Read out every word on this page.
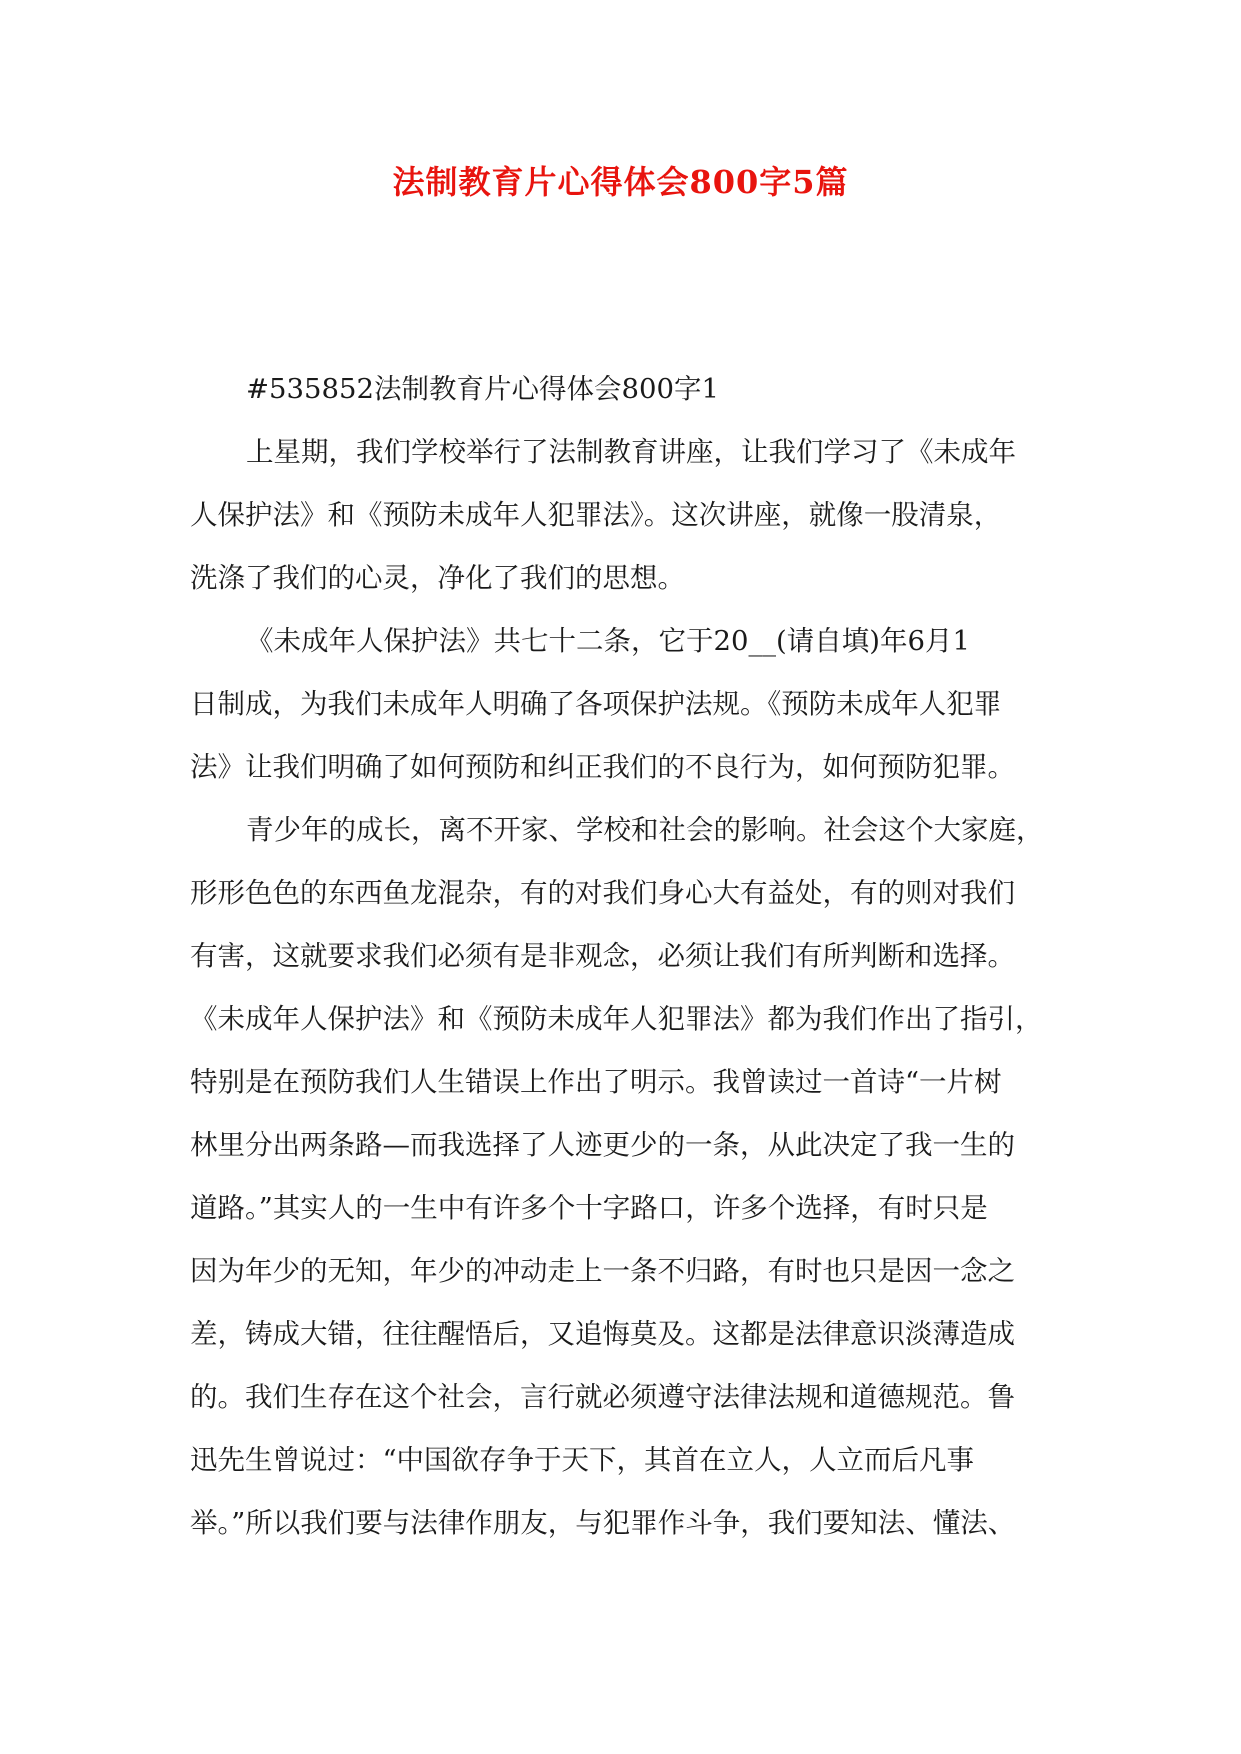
法制教育片心得体会800字5篇
#535852法制教育片心得体会800字1
上星期，我们学校举行了法制教育讲座，让我们学习了《未成年
人保护法》和《预防未成年人犯罪法》。这次讲座，就像一股清泉，
洗涤了我们的心灵，净化了我们的思想。
《未成年人保护法》共七十二条，它于20__(请自填)年6月1
日制成，为我们未成年人明确了各项保护法规。《预防未成年人犯罪
法》让我们明确了如何预防和纠正我们的不良行为，如何预防犯罪。
青少年的成长，离不开家、学校和社会的影响。社会这个大家庭，
形形色色的东西鱼龙混杂，有的对我们身心大有益处，有的则对我们
有害，这就要求我们必须有是非观念，必须让我们有所判断和选择。
《未成年人保护法》和《预防未成年人犯罪法》都为我们作出了指引，
特别是在预防我们人生错误上作出了明示。我曾读过一首诗“一片树
林里分出两条路—而我选择了人迹更少的一条，从此决定了我一生的
道路。”其实人的一生中有许多个十字路口，许多个选择，有时只是
因为年少的无知，年少的冲动走上一条不归路，有时也只是因一念之
差，铸成大错，往往醒悟后，又追悔莫及。这都是法律意识淡薄造成
的。我们生存在这个社会，言行就必须遵守法律法规和道德规范。鲁
迅先生曾说过：“中国欲存争于天下，其首在立人，人立而后凡事
举。”所以我们要与法律作朋友，与犯罪作斗争，我们要知法、懂法、
